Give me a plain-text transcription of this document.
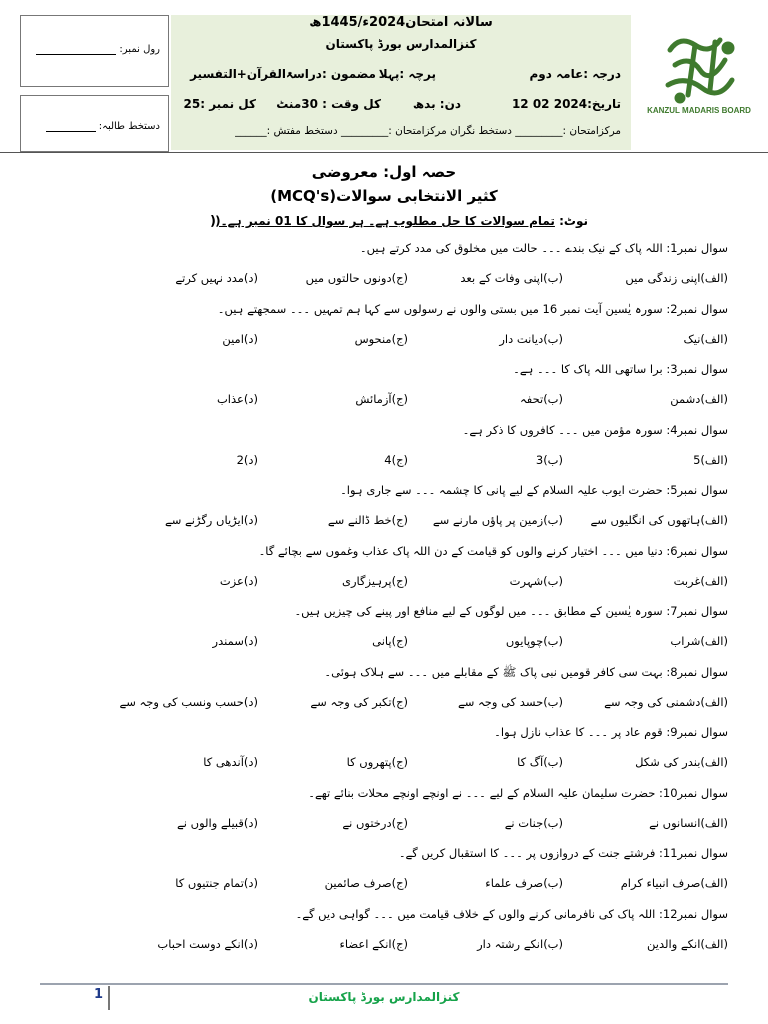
رول نمبر:
دستخط طالبہ:
سالانہ امتحان2024ء/1445ھ
کنزالمدارس بورڈ پاکستان
درجہ :عامہ دوم
پرچہ :پہلا
مضمون :دراسۃالقرآن+التفسیر
تاریخ:2024 02 12
دن: بدھ
کل وقت : 30منٹ
کل نمبر :25
مرکزامتحان :_________ دستخط نگران مرکزامتحان :_________ دستخط مفتش :______
KANZUL MADARIS BOARD
حصہ اول: معروضی
کثیر الانتخابی سوالات(MCQ's)
نوٹ: تمام سوالات کا حل مطلوب ہے۔ ہر سوال کا 01 نمبر ہے۔(
)
سوال نمبر1: اللہ پاک کے نیک بندے ۔۔۔ حالت میں مخلوق کی مدد کرتے ہیں۔
(الف)اپنی زندگی میں
(ب)اپنی وفات کے بعد
(ج)دونوں حالتوں میں
(د)مدد نہیں کرتے
سوال نمبر2: سورہ یٰسین آیت نمبر 16 میں بستی والوں نے رسولوں سے کہا ہم تمہیں ۔۔۔ سمجھتے ہیں۔
(الف)نیک
(ب)دیانت دار
(ج)منحوس
(د)امین
سوال نمبر3: برا ساتھی اللہ پاک کا ۔۔۔ ہے۔
(الف)دشمن
(ب)تحفہ
(ج)آزمائش
(د)عذاب
سوال نمبر4: سورہ مؤمن میں ۔۔۔ کافروں کا ذکر ہے۔
(الف)5
(ب)3
(ج)4
(د)2
سوال نمبر5: حضرت ایوب علیہ السلام کے لیے پانی کا چشمہ ۔۔۔ سے جاری ہوا۔
(الف)ہاتھوں کی انگلیوں سے
(ب)زمین پر پاؤں مارنے سے
(ج)خط ڈالنے سے
(د)ایڑیاں رگڑنے سے
سوال نمبر6: دنیا میں ۔۔۔ اختیار کرنے والوں کو قیامت کے دن اللہ پاک عذاب وغموں سے بچائے گا۔
(الف)غربت
(ب)شہرت
(ج)پرہیزگاری
(د)عزت
سوال نمبر7: سورہ یٰسین کے مطابق ۔۔۔ میں لوگوں کے لیے منافع اور پینے کی چیزیں ہیں۔
(الف)شراب
(ب)چوپایوں
(ج)پانی
(د)سمندر
سوال نمبر8: بہت سی کافر قومیں نبی پاک ﷺ کے مقابلے میں ۔۔۔ سے ہلاک ہوئی۔
(الف)دشمنی کی وجہ سے
(ب)حسد کی وجہ سے
(ج)تکبر کی وجہ سے
(د)حسب ونسب کی وجہ سے
سوال نمبر9: قوم عاد پر ۔۔۔ کا عذاب نازل ہوا۔
(الف)بندر کی شکل
(ب)آگ کا
(ج)پتھروں کا
(د)آندھی کا
سوال نمبر10: حضرت سلیمان علیہ السلام کے لیے ۔۔۔ نے اونچے اونچے محلات بنائے تھے۔
(الف)انسانوں نے
(ب)جنات نے
(ج)درختوں نے
(د)قبیلے والوں نے
سوال نمبر11: فرشتے جنت کے دروازوں پر ۔۔۔ کا استقبال کریں گے۔
(الف)صرف انبیاء کرام
(ب)صرف علماء
(ج)صرف صائمین
(د)تمام جنتیوں کا
سوال نمبر12: اللہ پاک کی نافرمانی کرنے والوں کے خلاف قیامت میں ۔۔۔ گواہی دیں گے۔
(الف)انکے والدین
(ب)انکے رشتہ دار
(ج)انکے اعضاء
(د)انکے دوست احباب
1	کنزالمدارس بورڈ پاکستان
